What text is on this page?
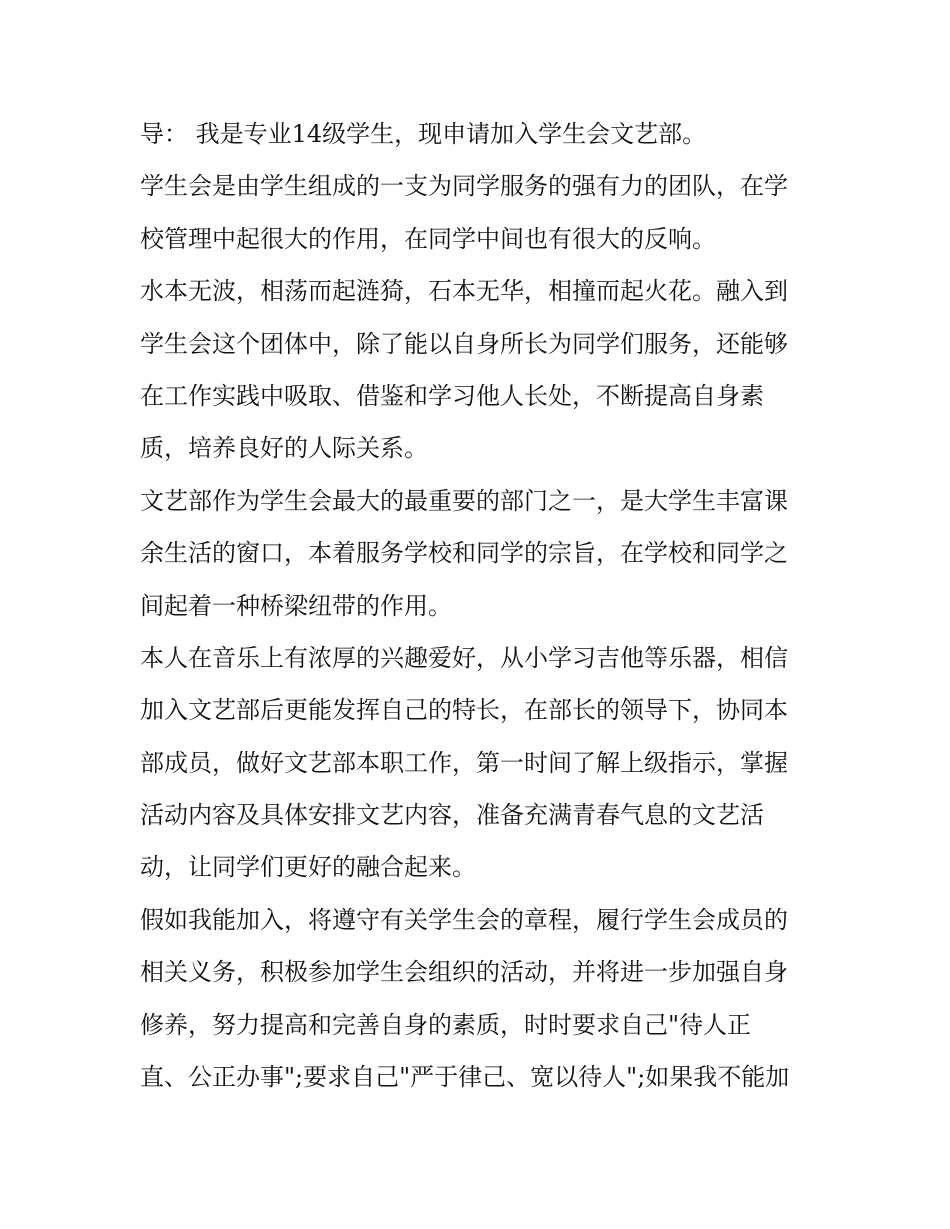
导： 我是专业14级学生，现申请加入学生会文艺部。
学生会是由学生组成的一支为同学服务的强有力的团队，在学
校管理中起很大的作用，在同学中间也有很大的反响。
水本无波，相荡而起涟猗，石本无华，相撞而起火花。融入到
学生会这个团体中，除了能以自身所长为同学们服务，还能够
在工作实践中吸取、借鉴和学习他人长处，不断提高自身素
质，培养良好的人际关系。
文艺部作为学生会最大的最重要的部门之一，是大学生丰富课
余生活的窗口，本着服务学校和同学的宗旨，在学校和同学之
间起着一种桥梁纽带的作用。
本人在音乐上有浓厚的兴趣爱好，从小学习吉他等乐器，相信
加入文艺部后更能发挥自己的特长，在部长的领导下，协同本
部成员，做好文艺部本职工作，第一时间了解上级指示，掌握
活动内容及具体安排文艺内容，准备充满青春气息的文艺活
动，让同学们更好的融合起来。
假如我能加入，将遵守有关学生会的章程，履行学生会成员的
相关义务，积极参加学生会组织的活动，并将进一步加强自身
修养，努力提高和完善自身的素质，时时要求自己"待人正
直、公正办事";要求自己"严于律己、宽以待人";如果我不能加
